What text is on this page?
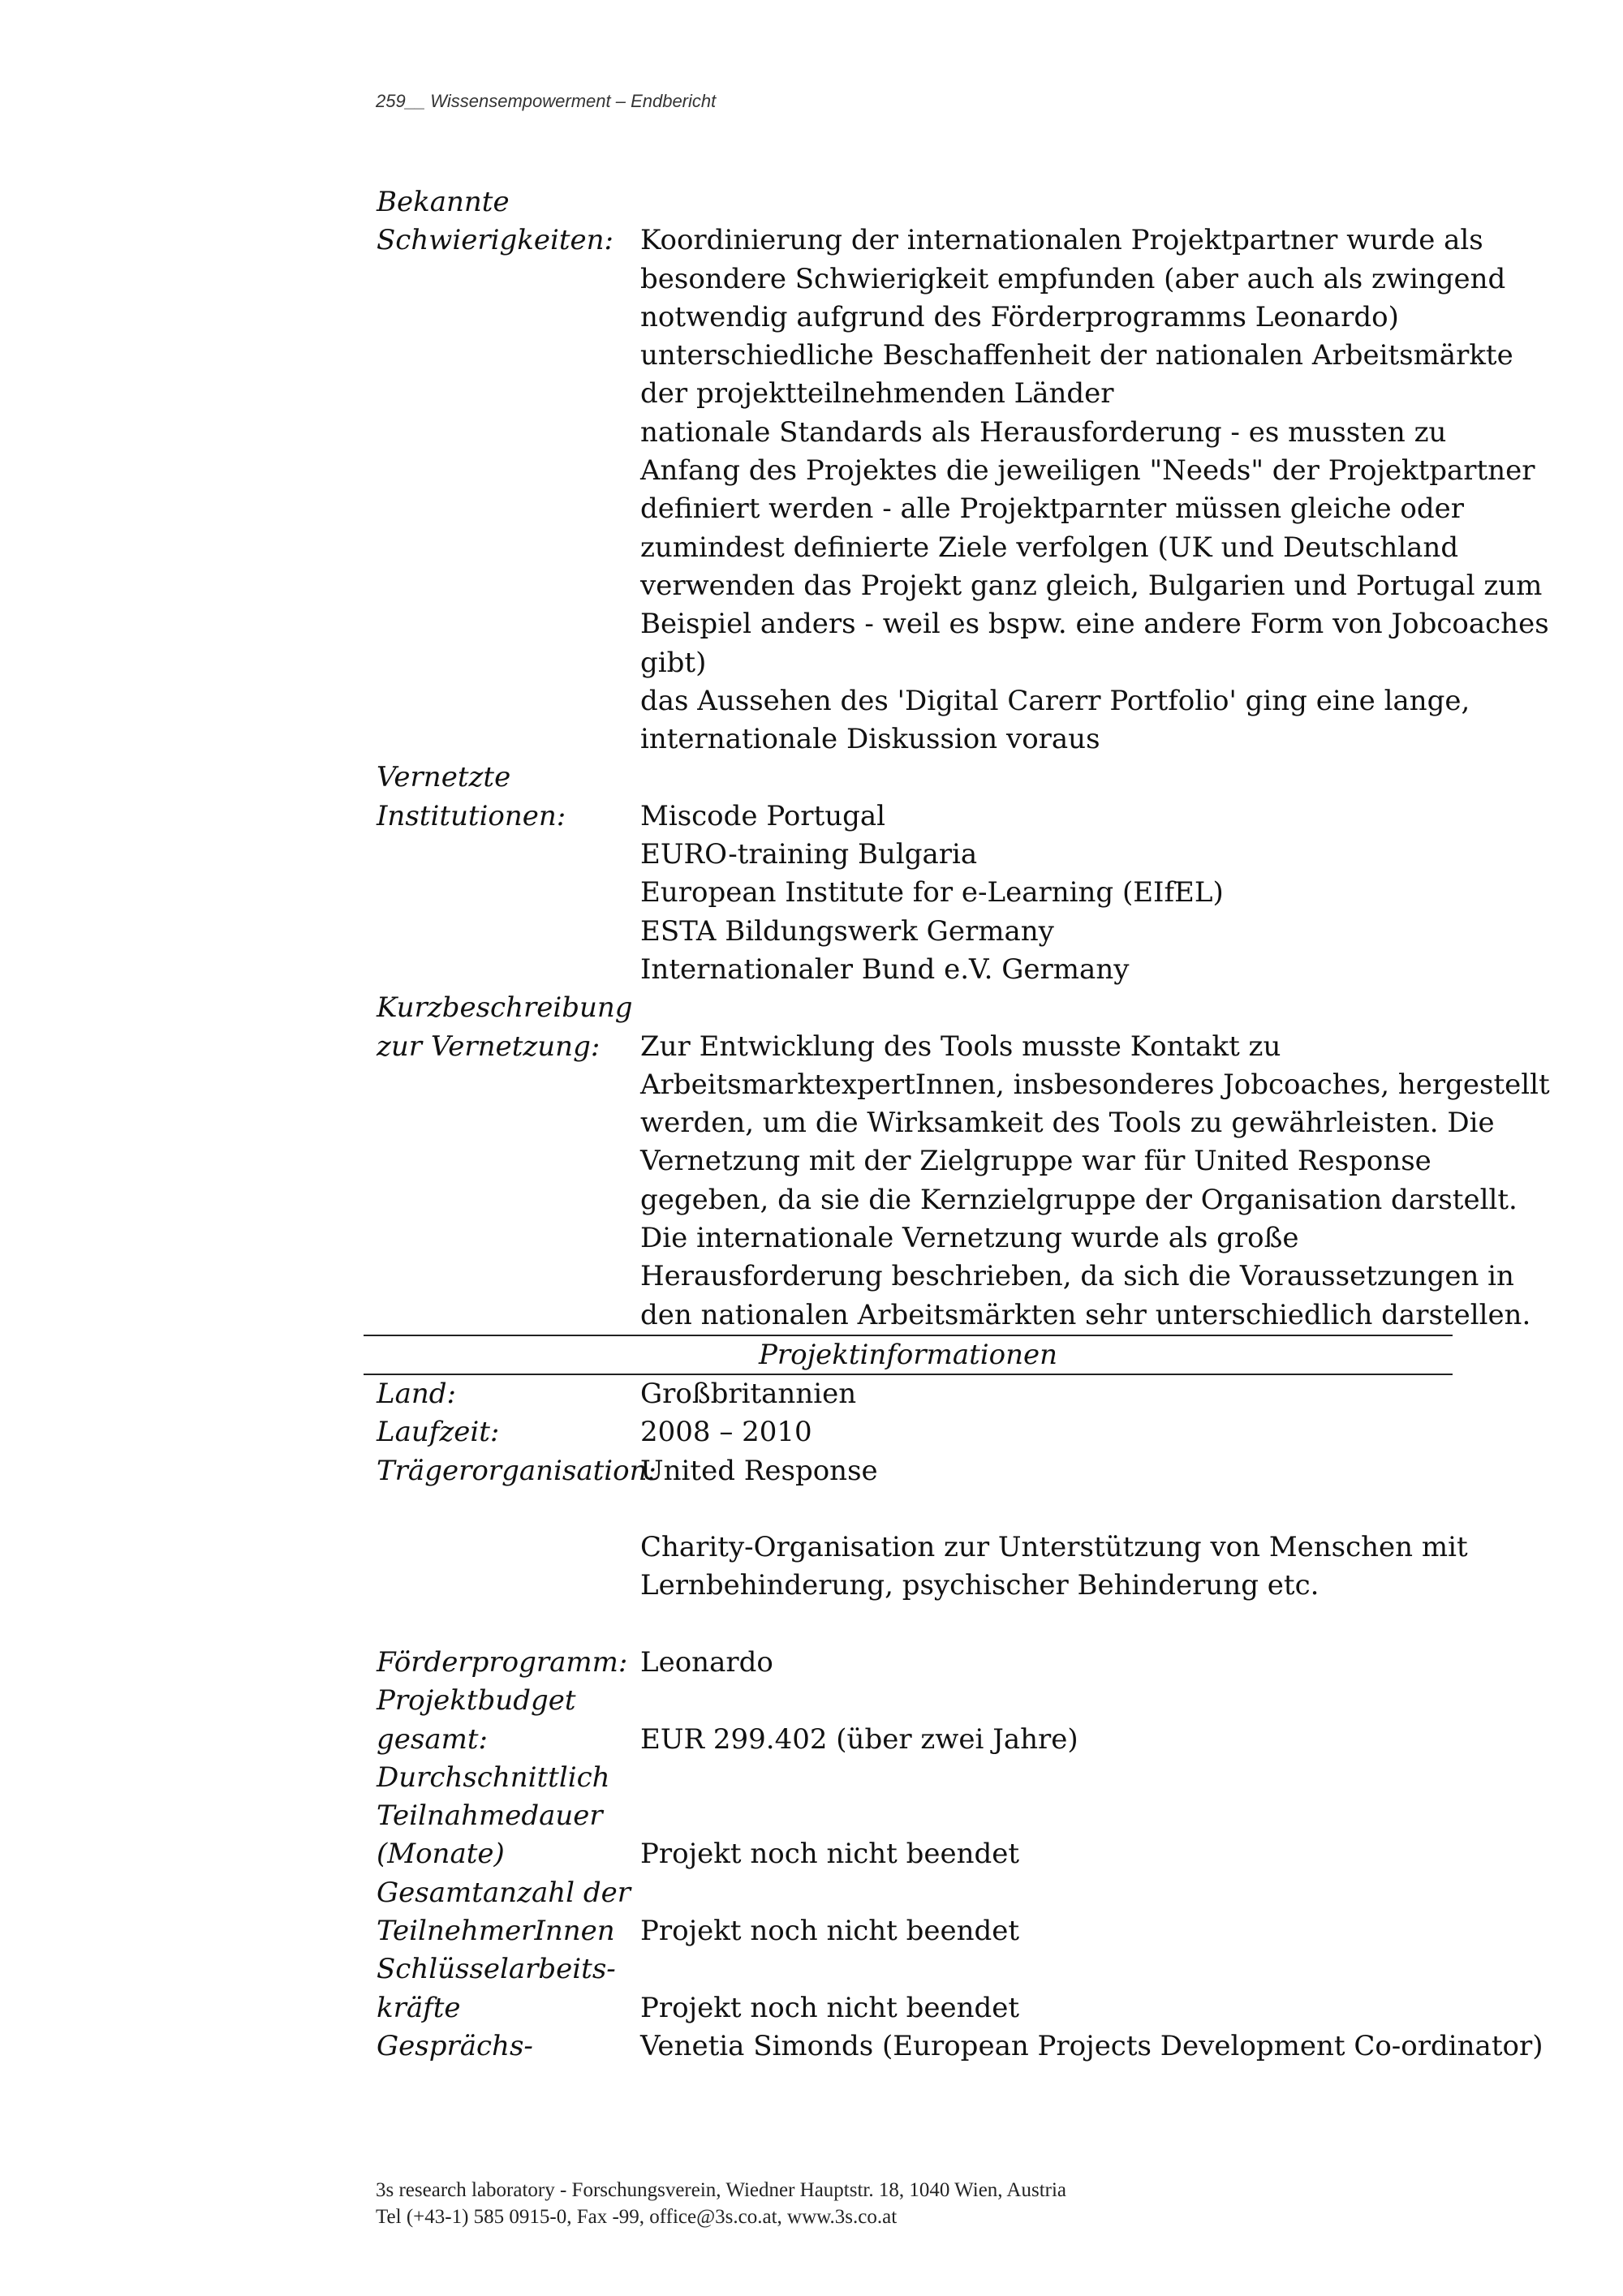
259__ Wissensempowerment – Endbericht
Bekannte
Schwierigkeiten: Koordinierung der internationalen Projektpartner wurde als
besondere Schwierigkeit empfunden (aber auch als zwingend
notwendig aufgrund des Förderprogramms Leonardo)
unterschiedliche Beschaffenheit der nationalen Arbeitsmärkte
der projektteilnehmenden Länder
nationale Standards als Herausforderung - es mussten zu
Anfang des Projektes die jeweiligen "Needs" der Projektpartner
definiert werden - alle Projektparnter müssen gleiche oder
zumindest definierte Ziele verfolgen (UK und Deutschland
verwenden das Projekt ganz gleich, Bulgarien und Portugal zum
Beispiel anders - weil es bspw. eine andere Form von Jobcoaches
gibt)
das Aussehen des 'Digital Carerr Portfolio' ging eine lange,
internationale Diskussion voraus
Vernetzte
Institutionen:	Miscode Portugal
EURO-training Bulgaria
European Institute for e-Learning (EIfEL)
ESTA Bildungswerk Germany
Internationaler Bund e.V. Germany
Kurzbeschreibung
zur Vernetzung:	Zur Entwicklung des Tools musste Kontakt zu
ArbeitsmarktexpertInnen, insbesonderes Jobcoaches, hergestellt
werden, um die Wirksamkeit des Tools zu gewährleisten. Die
Vernetzung mit der Zielgruppe war für United Response
gegeben, da sie die Kernzielgruppe der Organisation darstellt.
Die internationale Vernetzung wurde als große
Herausforderung beschrieben, da sich die Voraussetzungen in
den nationalen Arbeitsmärkten sehr unterschiedlich darstellen.
Projektinformationen
Land:	Großbritannien
Laufzeit:	2008 – 2010
Trägerorganisation:
United Response
Charity-Organisation zur Unterstützung von Menschen mit
Lernbehinderung, psychischer Behinderung etc.
Förderprogramm: Leonardo
Projektbudget
gesamt:	EUR 299.402 (über zwei Jahre)
Durchschnittlich
Teilnahmedauer
(Monate)	Projekt noch nicht beendet
Gesamtanzahl der
TeilnehmerInnen Projekt noch nicht beendet
Schlüsselarbeits-
kräfte	Projekt noch nicht beendet
Gesprächs-	Venetia Simonds (European Projects Development Co-ordinator)
3s research laboratory - Forschungsverein, Wiedner Hauptstr. 18, 1040 Wien, Austria
Tel (+43-1) 585 0915-0, Fax -99, office@3s.co.at, www.3s.co.at
